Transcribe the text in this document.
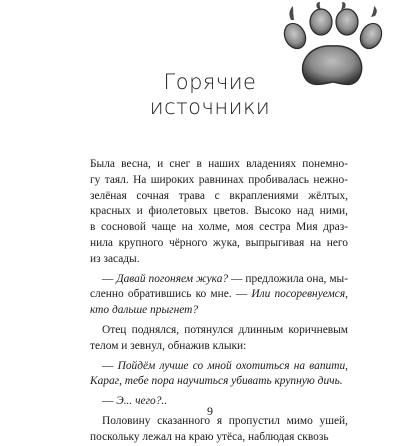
Горячие
источники
Была весна, и снег в наших владениях понемно-
гу таял. На широких равнинах пробивалась нежно-
зелёная сочная трава с вкраплениями жёлтых,
красных и фиолетовых цветов. Высоко над ними,
в сосновой чаще на холме, моя сестра Мия драз-
нила крупного чёрного жука, выпрыгивая на него
из засады.
— Давай погоняем жука? — предложила она, мы-
сленно обратившись ко мне. — Или посоревнуемся,
кто дальше прыгнет?
Отец поднялся, потянулся длинным коричневым
телом и зевнул, обнажив клыки:
— Пойдём лучше со мной охотиться на вапити,
Караг, тебе пора научиться убивать крупную дичь.
— Э... чего?..
Половину сказанного я пропустил мимо ушей,
поскольку лежал на краю утёса, наблюдая сквозь
9
